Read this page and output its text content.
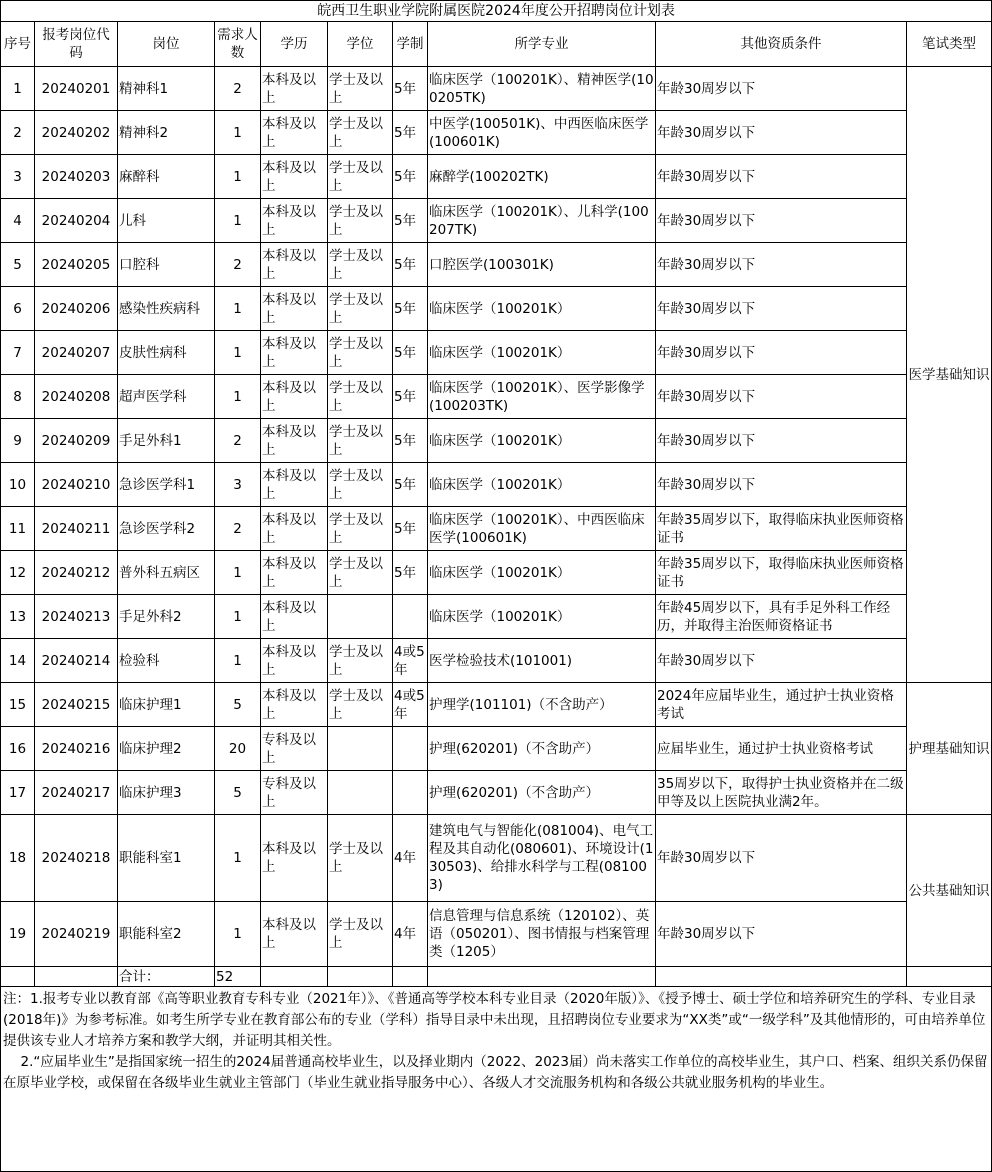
皖西卫生职业学院附属医院2024年度公开招聘岗位计划表									
序号	报考岗位代码	岗位	需求人数	学历	学位	学制	所学专业	其他资质条件	笔试类型
1	20240201	精神科1	2	本科及以上	学士及以上	5年	临床医学（100201K）、精神医学(100205TK)	年龄30周岁以下	医学基础知识
2	20240202	精神科2	1	本科及以上	学士及以上	5年	中医学(100501K)、中西医临床医学(100601K)	年龄30周岁以下	
3	20240203	麻醉科	1	本科及以上	学士及以上	5年	麻醉学(100202TK)	年龄30周岁以下	
4	20240204	儿科	1	本科及以上	学士及以上	5年	临床医学（100201K）、儿科学(100207TK)	年龄30周岁以下	
5	20240205	口腔科	2	本科及以上	学士及以上	5年	口腔医学(100301K)	年龄30周岁以下	
6	20240206	感染性疾病科	1	本科及以上	学士及以上	5年	临床医学（100201K）	年龄30周岁以下	
7	20240207	皮肤性病科	1	本科及以上	学士及以上	5年	临床医学（100201K）	年龄30周岁以下	
8	20240208	超声医学科	1	本科及以上	学士及以上	5年	临床医学（100201K）、医学影像学(100203TK)	年龄30周岁以下	
9	20240209	手足外科1	2	本科及以上	学士及以上	5年	临床医学（100201K）	年龄30周岁以下	
10	20240210	急诊医学科1	3	本科及以上	学士及以上	5年	临床医学（100201K）	年龄30周岁以下	
11	20240211	急诊医学科2	2	本科及以上	学士及以上	5年	临床医学（100201K）、中西医临床医学(100601K)	年龄35周岁以下，取得临床执业医师资格证书	
12	20240212	普外科五病区	1	本科及以上	学士及以上	5年	临床医学（100201K）	年龄35周岁以下，取得临床执业医师资格证书	
13	20240213	手足外科2	1	本科及以上			临床医学（100201K）	年龄45周岁以下，具有手足外科工作经历，并取得主治医师资格证书	
14	20240214	检验科	1	本科及以上	学士及以上	4或5年	医学检验技术(101001)	年龄30周岁以下	
15	20240215	临床护理1	5	本科及以上	学士及以上	4或5年	护理学(101101)（不含助产）	2024年应届毕业生，通过护士执业资格考试	护理基础知识
16	20240216	临床护理2	20	专科及以上			护理(620201)（不含助产）	应届毕业生，通过护士执业资格考试	
17	20240217	临床护理3	5	专科及以上			护理(620201)（不含助产）	35周岁以下，取得护士执业资格并在二级甲等及以上医院执业满2年。	
18	20240218	职能科室1	1	本科及以上	学士及以上	4年	建筑电气与智能化(081004)、电气工程及其自动化(080601)、环境设计(130503)、给排水科学与工程(081003)	年龄30周岁以下	公共基础知识
19	20240219	职能科室2	1	本科及以上	学士及以上	4年	信息管理与信息系统（120102）、英语（050201）、图书情报与档案管理类（1205）	年龄30周岁以下	
		合计：	52						

注：1.报考专业以教育部《高等职业教育专科专业（2021年）》、《普通高等学校本科专业目录（2020年版）》、《授予博士、硕士学位和培养研究生的学科、专业目录(2018年)》为参考标准。如考生所学专业在教育部公布的专业（学科）指导目录中未出现，且招聘岗位专业要求为“XX类”或“一级学科”及其他情形的，可由培养单位提供该专业人才培养方案和教学大纲，并证明其相关性。

2.“应届毕业生”是指国家统一招生的2024届普通高校毕业生，以及择业期内（2022、2023届）尚未落实工作单位的高校毕业生，其户口、档案、组织关系仍保留在原毕业学校，或保留在各级毕业生就业主管部门（毕业生就业指导服务中心）、各级人才交流服务机构和各级公共就业服务机构的毕业生。									
